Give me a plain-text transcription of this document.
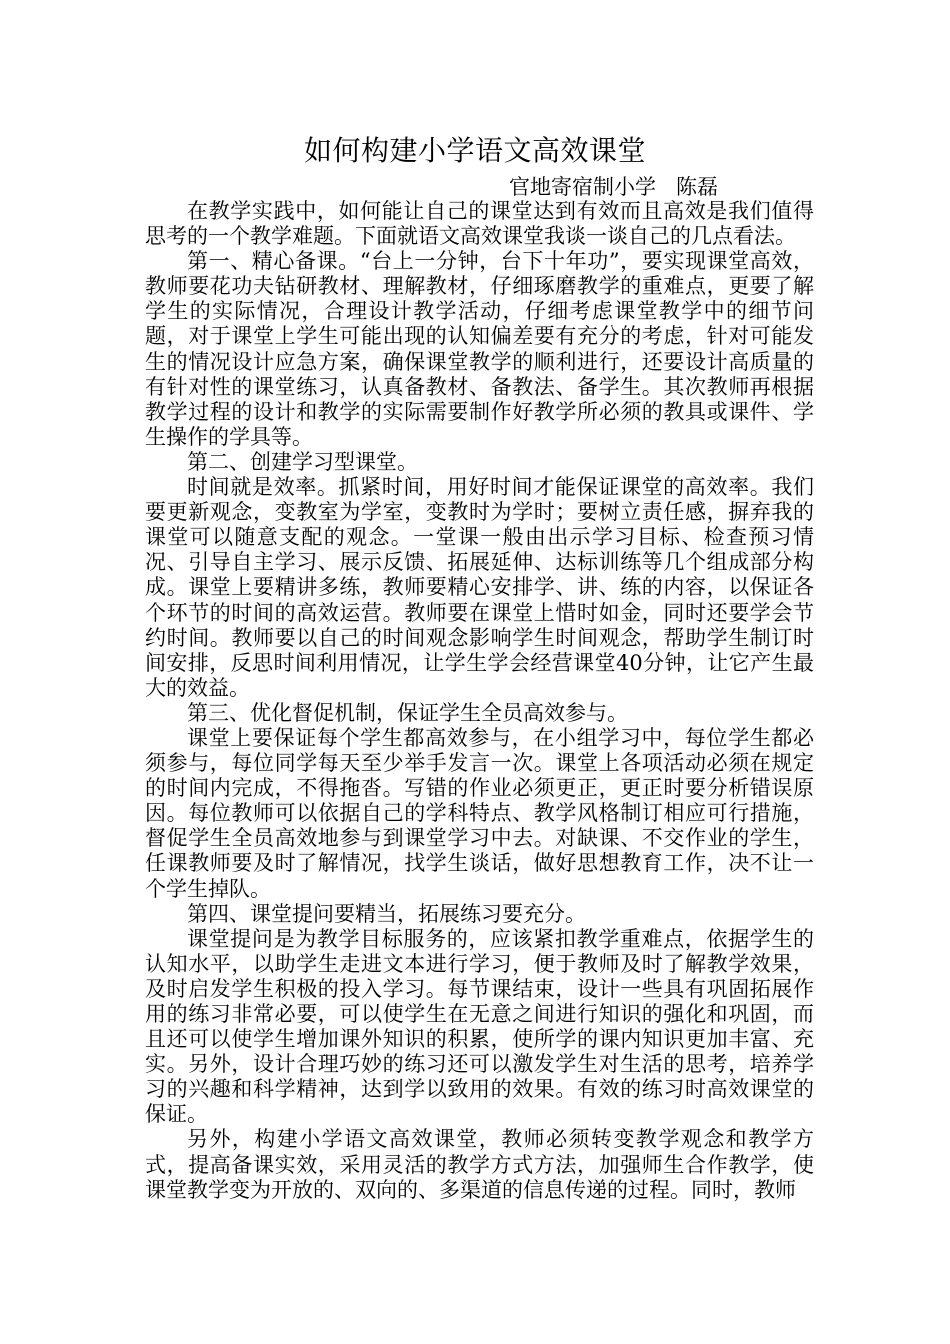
如何构建小学语文高效课堂
官地寄宿制小学   陈磊

在教学实践中，如何能让自己的课堂达到有效而且高效是我们值得思考的一个教学难题。下面就语文高效课堂我谈一谈自己的几点看法。

第一、精心备课。“台上一分钟，台下十年功”，要实现课堂高效，教师要花功夫钻研教材、理解教材，仔细琢磨教学的重难点，更要了解学生的实际情况，合理设计教学活动，仔细考虑课堂教学中的细节问题，对于课堂上学生可能出现的认知偏差要有充分的考虑，针对可能发生的情况设计应急方案，确保课堂教学的顺利进行，还要设计高质量的有针对性的课堂练习，认真备教材、备教法、备学生。其次教师再根据教学过程的设计和教学的实际需要制作好教学所必须的教具或课件、学生操作的学具等。

第二、创建学习型课堂。

时间就是效率。抓紧时间，用好时间才能保证课堂的高效率。我们要更新观念，变教室为学室，变教时为学时；要树立责任感，摒弃我的课堂可以随意支配的观念。一堂课一般由出示学习目标、检查预习情况、引导自主学习、展示反馈、拓展延伸、达标训练等几个组成部分构成。课堂上要精讲多练，教师要精心安排学、讲、练的内容，以保证各个环节的时间的高效运营。教师要在课堂上惜时如金，同时还要学会节约时间。教师要以自己的时间观念影响学生时间观念，帮助学生制订时间安排，反思时间利用情况，让学生学会经营课堂40分钟，让它产生最大的效益。

第三、优化督促机制，保证学生全员高效参与。

课堂上要保证每个学生都高效参与，在小组学习中，每位学生都必须参与，每位同学每天至少举手发言一次。课堂上各项活动必须在规定的时间内完成，不得拖沓。写错的作业必须更正，更正时要分析错误原因。每位教师可以依据自己的学科特点、教学风格制订相应可行措施，督促学生全员高效地参与到课堂学习中去。对缺课、不交作业的学生，任课教师要及时了解情况，找学生谈话，做好思想教育工作，决不让一个学生掉队。

第四、课堂提问要精当，拓展练习要充分。

课堂提问是为教学目标服务的，应该紧扣教学重难点，依据学生的认知水平，以助学生走进文本进行学习，便于教师及时了解教学效果，及时启发学生积极的投入学习。每节课结束，设计一些具有巩固拓展作用的练习非常必要，可以使学生在无意之间进行知识的强化和巩固，而且还可以使学生增加课外知识的积累，使所学的课内知识更加丰富、充实。另外，设计合理巧妙的练习还可以激发学生对生活的思考，培养学习的兴趣和科学精神，达到学以致用的效果。有效的练习时高效课堂的保证。

另外，构建小学语文高效课堂，教师必须转变教学观念和教学方式，提高备课实效，采用灵活的教学方式方法，加强师生合作教学，使课堂教学变为开放的、双向的、多渠道的信息传递的过程。同时，教师
